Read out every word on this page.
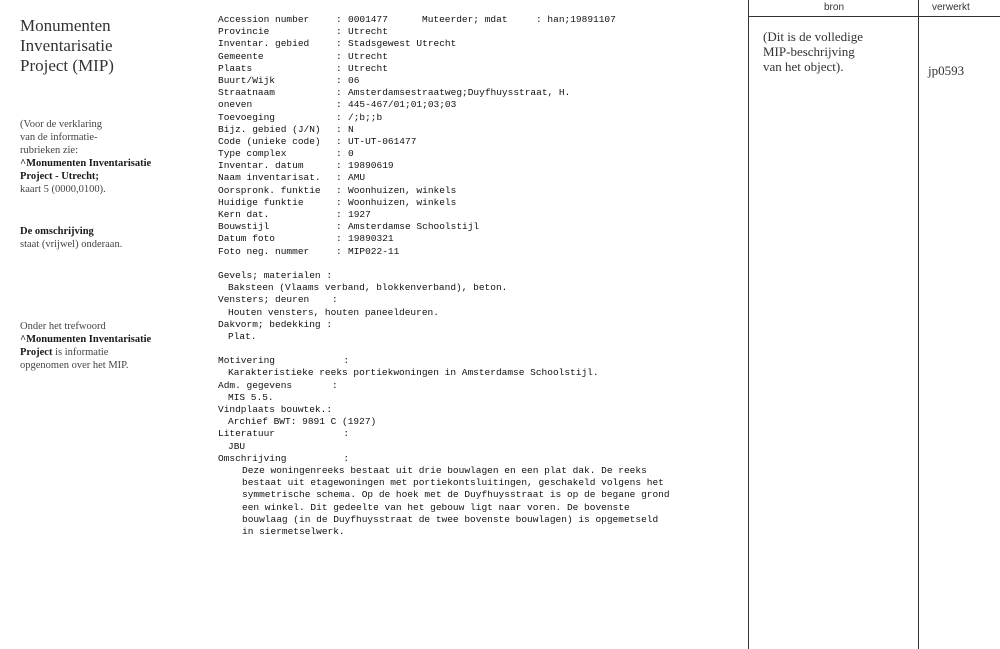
Monumenten
Inventarisatie
Project (MIP)
(Voor de verklaring
van de informatie-
rubrieken zie:
^Monumenten Inventarisatie
Project - Utrecht;
kaart 5 (0000,0100).
De omschrijving
staat (vrijwel) onderaan.
Onder het trefwoord
^Monumenten Inventarisatie
Project is informatie
opgenomen over het MIP.
Muteerder; mdat     : han;19891107
Accession number	: 0001477
Provincie	: Utrecht
Inventar. gebied	: Stadsgewest Utrecht
Gemeente	: Utrecht
Plaats	: Utrecht
Buurt/Wijk	: 06
Straatnaam	: Amsterdamsestraatweg;Duyfhuysstraat, H.
oneven	: 445-467/01;01;03;03
Toevoeging	: /;b;;b
Bijz. gebied (J/N) : N
Code (unieke code) : UT-UT-061477
Type complex	: 0
Inventar. datum	: 19890619
Naam inventarisat. : AMU
Oorspronk. funktie : Woonhuizen, winkels
Huidige funktie	: Woonhuizen, winkels
Kern dat.	: 1927
Bouwstijl	: Amsterdamse Schoolstijl
Datum foto	: 19890321
Foto neg. nummer	: MIP022-11
Gevels; materialen :
Baksteen (Vlaams verband, blokkenverband), beton.
Vensters; deuren    :
Houten vensters, houten paneeldeuren.
Dakvorm; bedekking :
Plat.
Motivering            :
Karakteristieke reeks portiekwoningen in Amsterdamse Schoolstijl.
Adm. gegevens       :
MIS 5.5.
Vindplaats bouwtek.:
Archief BWT: 9891 C (1927)
Literatuur            :
JBU
Omschrijving          :
Deze woningenreeks bestaat uit drie bouwlagen en een plat dak. De reeks
bestaat uit etagewoningen met portiekontsluitingen, geschakeld volgens het
symmetrische schema. Op de hoek met de Duyfhuysstraat is op de begane grond
een winkel. Dit gedeelte van het gebouw ligt naar voren. De bovenste
bouwlaag (in de Duyfhuysstraat de twee bovenste bouwlagen) is opgemetseld
in siermetselwerk.
bron	verwerkt
(Dit is de volledige
MIP-beschrijving
van het object).	jp0593
